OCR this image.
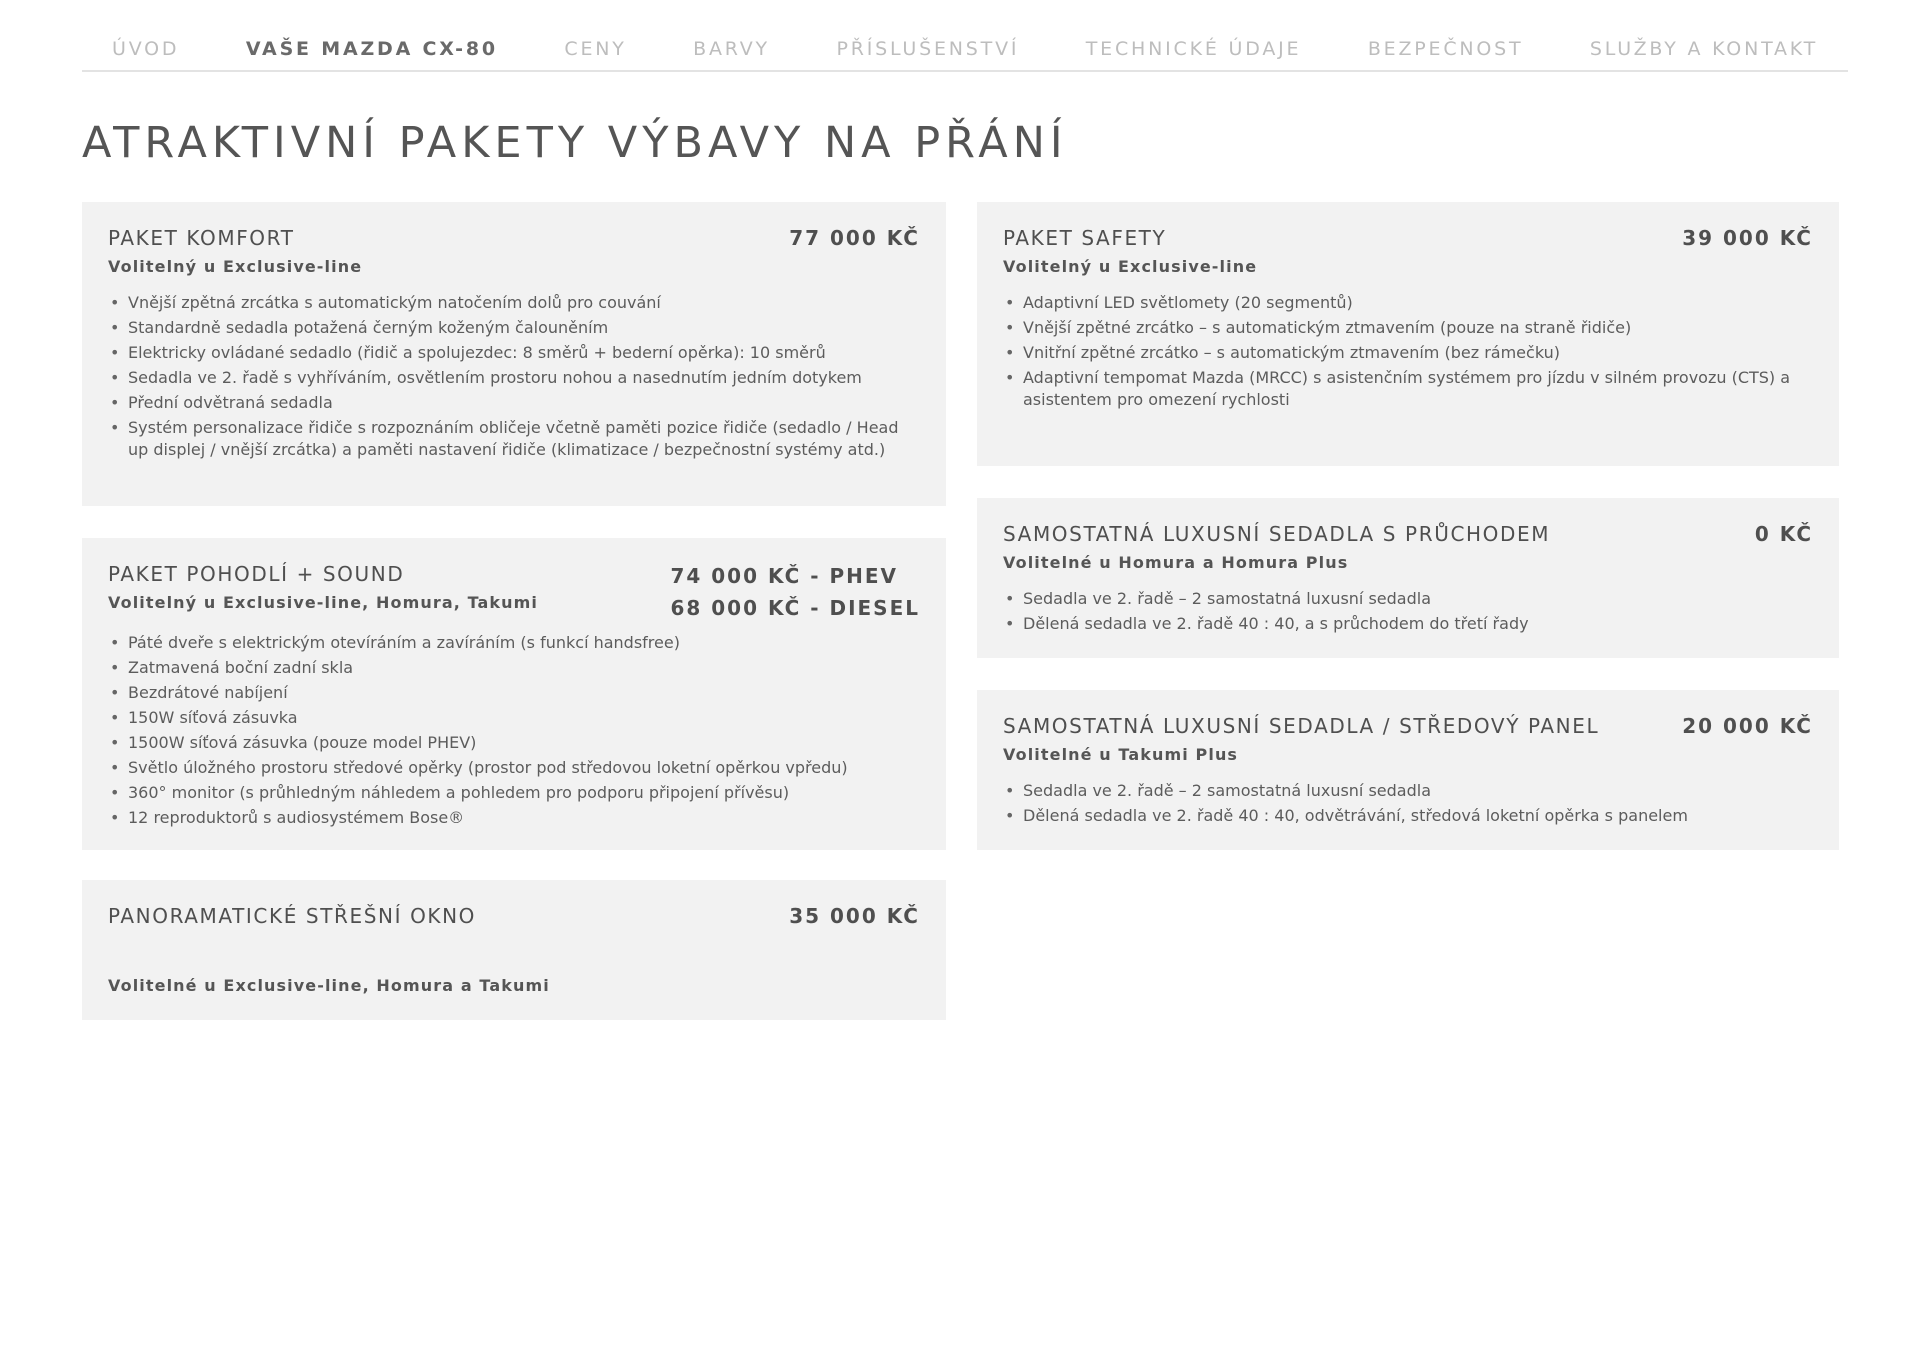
ÚVOD	VAŠE MAZDA CX-80	CENY	BARVY	PŘÍSLUŠENSTVÍ	TECHNICKÉ ÚDAJE	BEZPEČNOST	SLUŽBY A KONTAKT
ATRAKTIVNÍ PAKETY VÝBAVY NA PŘÁNÍ
PAKET KOMFORT	77 000 KČ
Volitelný u Exclusive-line
• Vnější zpětná zrcátka s automatickým natočením dolů pro couvání
• Standardně sedadla potažená černým koženým čalouněním
• Elektricky ovládané sedadlo (řidič a spolujezdec: 8 směrů + bederní opěrka): 10 směrů
• Sedadla ve 2. řadě s vyhříváním, osvětlením prostoru nohou a nasednutím jedním dotykem
• Přední odvětraná sedadla
• Systém personalizace řidiče s rozpoznáním obličeje včetně paměti pozice řidiče (sedadlo / Head up displej / vnější zrcátka) a paměti nastavení řidiče (klimatizace / bezpečnostní systémy atd.)
PAKET POHODLÍ + SOUND
Volitelný u Exclusive-line, Homura, Takumi
74 000 KČ - PHEV
68 000 KČ - DIESEL
• Páté dveře s elektrickým otevíráním a zavíráním (s funkcí handsfree)
• Zatmavená boční zadní skla
• Bezdrátové nabíjení
• 150W síťová zásuvka
• 1500W síťová zásuvka (pouze model PHEV)
• Světlo úložného prostoru středové opěrky (prostor pod středovou loketní opěrkou vpředu)
• 360° monitor (s průhledným náhledem a pohledem pro podporu připojení přívěsu)
• 12 reproduktorů s audiosystémem Bose®
PANORAMATICKÉ STŘEŠNÍ OKNO	35 000 KČ
Volitelné u Exclusive-line, Homura a Takumi
PAKET SAFETY	39 000 KČ
Volitelný u Exclusive-line
• Adaptivní LED světlomety (20 segmentů)
• Vnější zpětné zrcátko – s automatickým ztmavením (pouze na straně řidiče)
• Vnitřní zpětné zrcátko – s automatickým ztmavením (bez rámečku)
• Adaptivní tempomat Mazda (MRCC) s asistenčním systémem pro jízdu v silném provozu (CTS) a asistentem pro omezení rychlosti
SAMOSTATNÁ LUXUSNÍ SEDADLA S PRŮCHODEM	0 KČ
Volitelné u Homura a Homura Plus
• Sedadla ve 2. řadě – 2 samostatná luxusní sedadla
• Dělená sedadla ve 2. řadě 40 : 40, a s průchodem do třetí řady
SAMOSTATNÁ LUXUSNÍ SEDADLA / STŘEDOVÝ PANEL	20 000 KČ
Volitelné u Takumi Plus
• Sedadla ve 2. řadě – 2 samostatná luxusní sedadla
• Dělená sedadla ve 2. řadě 40 : 40, odvětrávání, středová loketní opěrka s panelem
